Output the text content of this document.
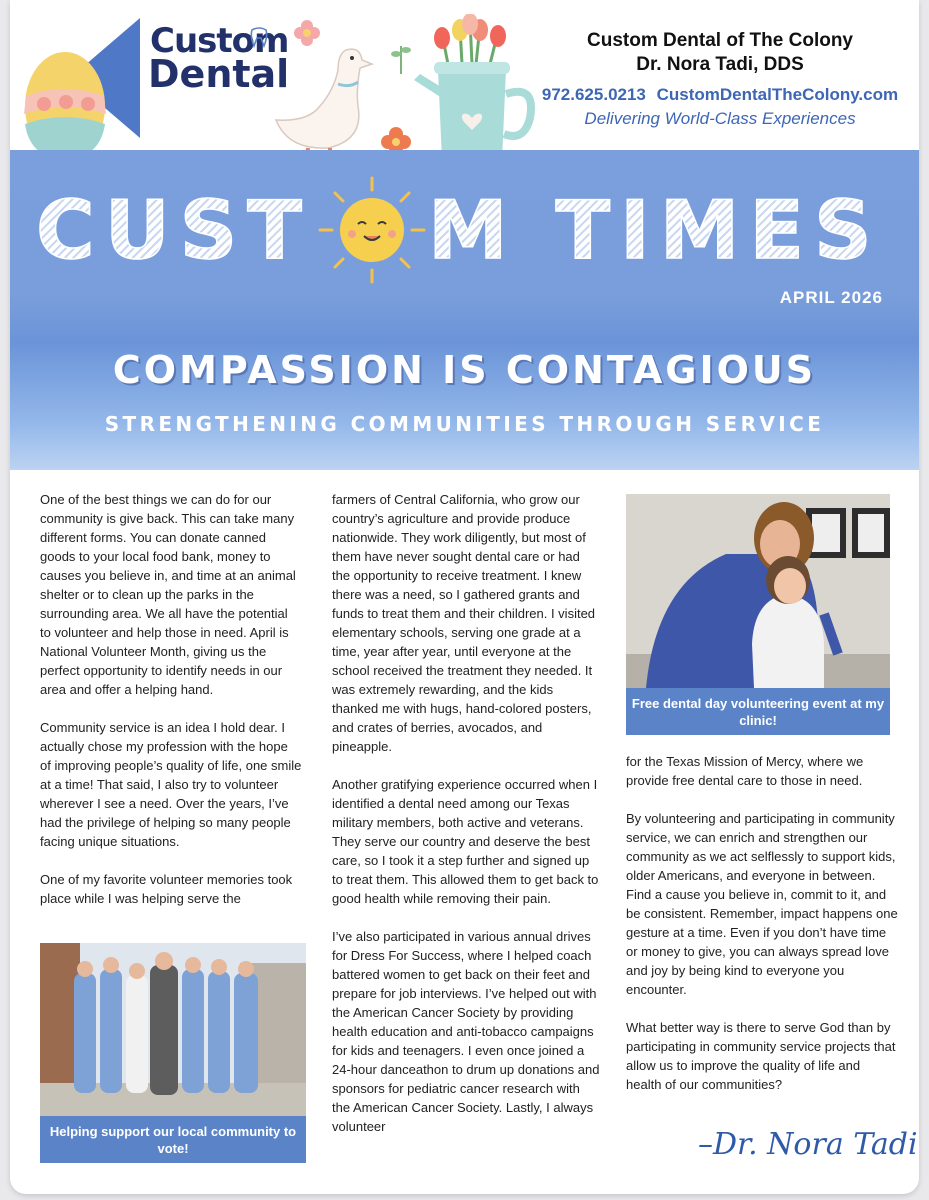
Custom
Dental
Custom Dental of The Colony
Dr. Nora Tadi, DDS
972.625.0213 CustomDentalTheColony.com
Delivering World-Class Experiences
CUST M TIMES
APRIL 2026
COMPASSION IS CONTAGIOUS
STRENGTHENING COMMUNITIES THROUGH SERVICE

One of the best things we can do for our community is give back. This can take many different forms. You can donate canned goods to your local food bank, money to causes you believe in, and time at an animal shelter or to clean up the parks in the surrounding area. We all have the potential to volunteer and help those in need. April is National Volunteer Month, giving us the perfect opportunity to identify needs in our area and offer a helping hand.

Community service is an idea I hold dear. I actually chose my profession with the hope of improving people’s quality of life, one smile at a time! That said, I also try to volunteer wherever I see a need. Over the years, I’ve had the privilege of helping so many people facing unique situations.

One of my favorite volunteer memories took place while I was helping serve the

Helping support our local community to vote!

farmers of Central California, who grow our country’s agriculture and provide produce nationwide. They work diligently, but most of them have never sought dental care or had the opportunity to receive treatment. I knew there was a need, so I gathered grants and funds to treat them and their children. I visited elementary schools, serving one grade at a time, year after year, until everyone at the school received the treatment they needed. It was extremely rewarding, and the kids thanked me with hugs, hand-colored posters, and crates of berries, avocados, and pineapple.

Another gratifying experience occurred when I identified a dental need among our Texas military members, both active and veterans. They serve our country and deserve the best care, so I took it a step further and signed up to treat them. This allowed them to get back to good health while removing their pain.

I’ve also participated in various annual drives for Dress For Success, where I helped coach battered women to get back on their feet and prepare for job interviews. I’ve helped out with the American Cancer Society by providing health education and anti-tobacco campaigns for kids and teenagers. I even once joined a 24-hour danceathon to drum up donations and sponsors for pediatric cancer research with the American Cancer Society. Lastly, I always volunteer

Free dental day volunteering event at my clinic!

for the Texas Mission of Mercy, where we provide free dental care to those in need.

By volunteering and participating in community service, we can enrich and strengthen our community as we act selflessly to support kids, older Americans, and everyone in between. Find a cause you believe in, commit to it, and be consistent. Remember, impact happens one gesture at a time. Even if you don’t have time or money to give, you can always spread love and joy by being kind to everyone you encounter.

What better way is there to serve God than by participating in community service projects that allow us to improve the quality of life and health of our communities?

–Dr. Nora Tadi
